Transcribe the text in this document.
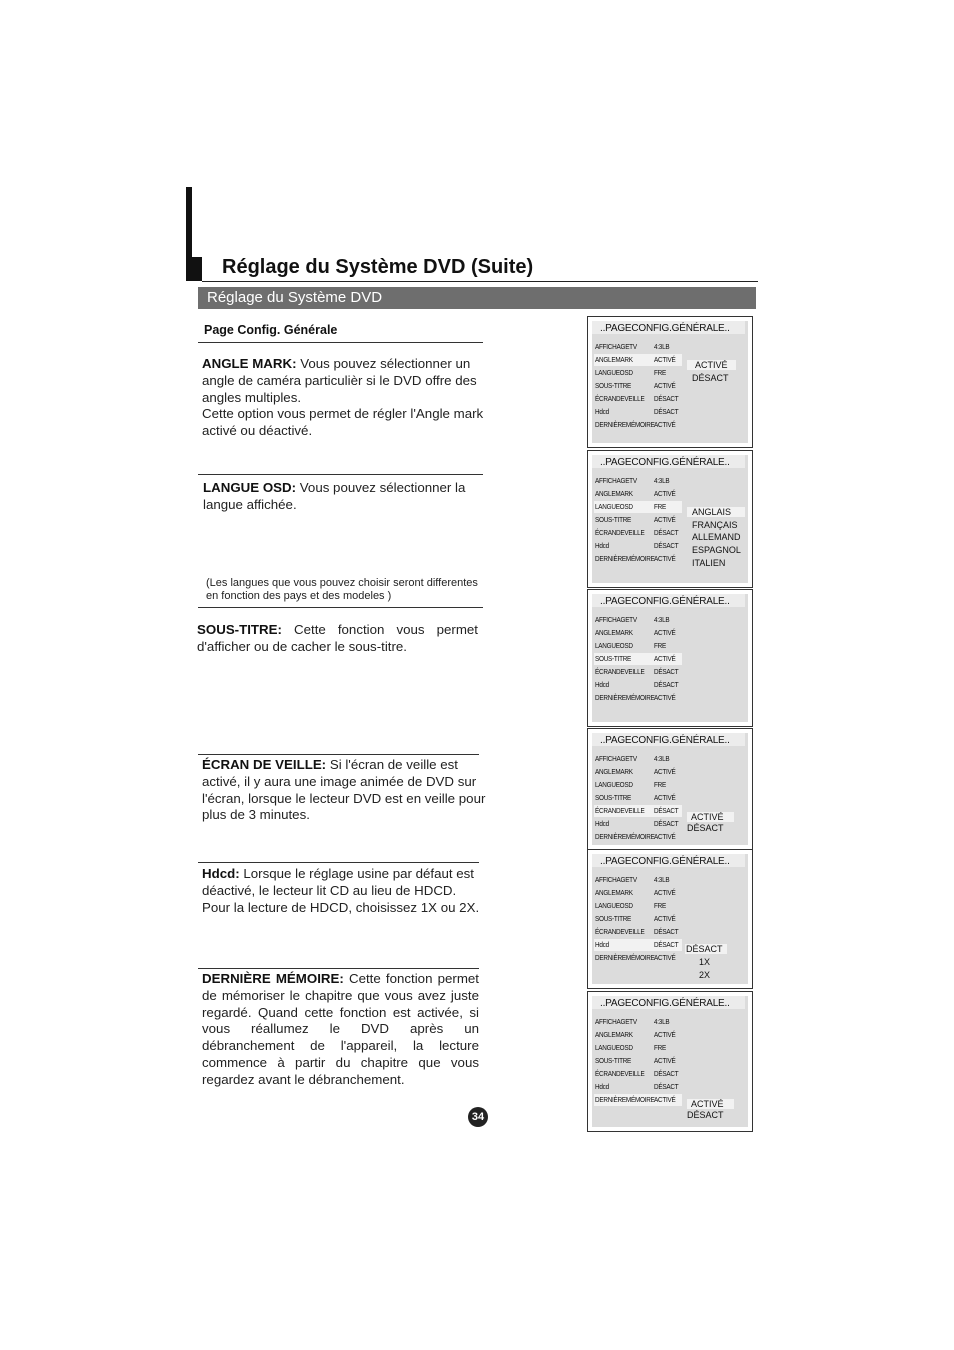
Réglage du Système DVD (Suite)
Réglage du Système DVD
Page Config. Générale
ANGLE MARK: Vous pouvez sélectionner un angle de caméra particulièr si le DVD offre des angles multiples.
Cette option vous permet de régler l'Angle mark activé ou déactivé.
LANGUE OSD: Vous pouvez sélectionner la langue affichée.
(Les langues que vous pouvez choisir seront differentes en fonction des pays et des modeles )
SOUS-TITRE: Cette fonction vous permet
d'afficher ou de cacher le sous-titre.
ÉCRAN DE VEILLE: Si l'écran de veille est activé, il y aura une image animée de DVD sur l'écran, lorsque le lecteur DVD est en veille pour plus de 3 minutes.
Hdcd: Lorsque le réglage usine par défaut est déactivé, le lecteur lit CD au lieu de HDCD. Pour la lecture de HDCD, choisissez 1X ou 2X.
DERNIÈRE MÉMOIRE: Cette fonction permet de mémoriser le chapitre que vous avez juste regardé. Quand cette fonction est activée, si vous réallumez le DVD après un débranchement de l'appareil, la lecture commence à partir du chapitre que vous regardez avant le débranchement.
34
..PAGECONFIG.GÉNÉRALE..
AFFICHAGETV 4:3LB
ANGLEMARK	ACTIVÉ
LANGUEOSD	FRE
SOUS-TITRE	ACTIVÉ
ÉCRANDEVEILLE DÉSACT
Hdcd	DÉSACT
DERNIÈREMÉMOIRE ACTIVÉ
ACTIVÉ
DÉSACT
..PAGECONFIG.GÉNÉRALE..
AFFICHAGETV 4:3LB
ANGLEMARK	ACTIVÉ
LANGUEOSD	FRE
SOUS-TITRE	ACTIVÉ
ÉCRANDEVEILLE DÉSACT
Hdcd	DÉSACT
DERNIÈREMÉMOIRE ACTIVÉ
ANGLAIS
FRANÇAIS
ALLEMAND
ESPAGNOL
ITALIEN
..PAGECONFIG.GÉNÉRALE..
AFFICHAGETV 4:3LB
ANGLEMARK	ACTIVÉ
LANGUEOSD	FRE
SOUS-TITRE	ACTIVÉ
ÉCRANDEVEILLE DÉSACT
Hdcd	DÉSACT
DERNIÈREMÉMOIRE ACTIVÉ
..PAGECONFIG.GÉNÉRALE..
AFFICHAGETV 4:3LB
ANGLEMARK	ACTIVÉ
LANGUEOSD	FRE
SOUS-TITRE	ACTIVÉ
ÉCRANDEVEILLE DÉSACT
Hdcd	DÉSACT
DERNIÈREMÉMOIRE ACTIVÉ
ACTIVÉ
DÉSACT
..PAGECONFIG.GÉNÉRALE..
AFFICHAGETV 4:3LB
ANGLEMARK	ACTIVÉ
LANGUEOSD	FRE
SOUS-TITRE	ACTIVÉ
ÉCRANDEVEILLE DÉSACT
Hdcd	DÉSACT
DERNIÈREMÉMOIRE ACTIVÉ
DÉSACT
1X
2X
..PAGECONFIG.GÉNÉRALE..
AFFICHAGETV 4:3LB
ANGLEMARK	ACTIVÉ
LANGUEOSD	FRE
SOUS-TITRE	ACTIVÉ
ÉCRANDEVEILLE DÉSACT
Hdcd	DÉSACT
DERNIÈREMÉMOIRE ACTIVÉ	ACTIVÉ
DÉSACT
